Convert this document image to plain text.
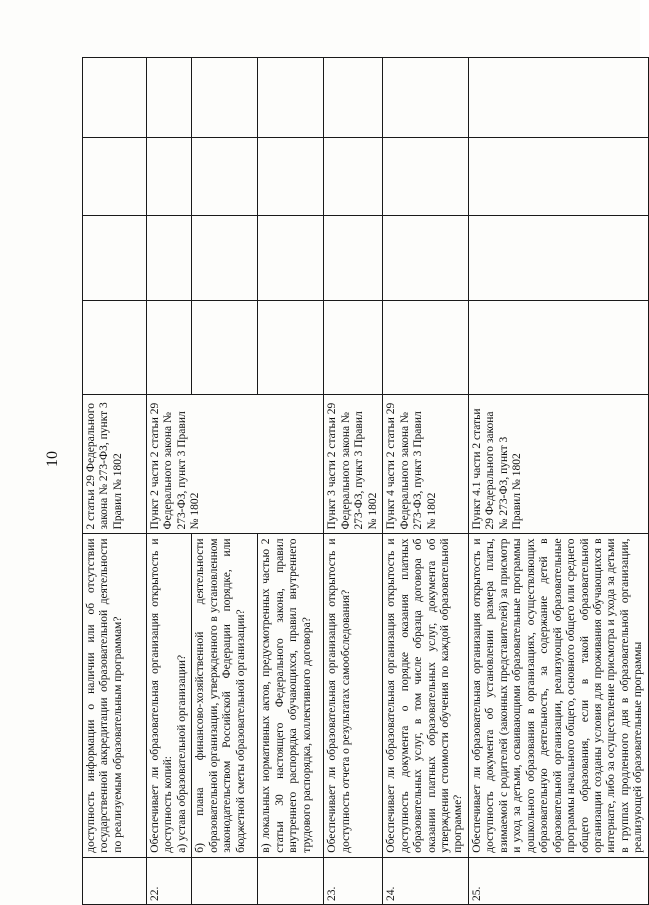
10
	доступность информации о наличии или об отсутствии государственной аккредитации образовательной деятельности по реализуемым образовательным программам?	2 статьи 29 Федерального закона № 273-ФЗ, пункт 3 Правил № 1802				
22.	Обеспечивает ли образовательная организация открытость и доступность копий: а) устава образовательной организации?	Пункт 2 части 2 статьи 29 Федерального закона № 273-ФЗ, пункт 3 Правил № 1802				
	б) плана финансово-хозяйственной деятельности образовательной организации, утвержденного в установленном законодательством Российской Федерации порядке, или бюджетной сметы образовательной организации?					
	в) локальных нормативных актов, предусмотренных частью 2 статьи 30 настоящего Федерального закона, правил внутреннего распорядка обучающихся, правил внутреннего трудового распорядка, коллективного договора?					
23.	Обеспечивает ли образовательная организация открытость и доступность отчета о результатах самообследования?	Пункт 3 части 2 статьи 29 Федерального закона № 273-ФЗ, пункт 3 Правил № 1802				
24.	Обеспечивает ли образовательная организация открытость и доступность документа о порядке оказания платных образовательных услуг, в том числе образца договора об оказании платных образовательных услуг, документа об утверждении стоимости обучения по каждой образовательной программе?	Пункт 4 части 2 статьи 29 Федерального закона № 273-ФЗ, пункт 3 Правил № 1802				
25.	Обеспечивает ли образовательная организация открытость и доступность документа об установлении размера платы, взимаемой с родителей (законных представителей) за присмотр и уход за детьми, осваивающими образовательные программы дошкольного образования в организациях, осуществляющих образовательную деятельность, за содержание детей в образовательной организации, реализующей образовательные программы начального общего, основного общего или среднего общего образования, если в такой образовательной организации созданы условия для проживания обучающихся в интернате, либо за осуществление присмотра и ухода за детьми в группах продленного дня в образовательной организации, реализующей образовательные программы	Пункт 4.1 части 2 статьи 29 Федерального закона № 273-ФЗ, пункт 3 Правил № 1802				
